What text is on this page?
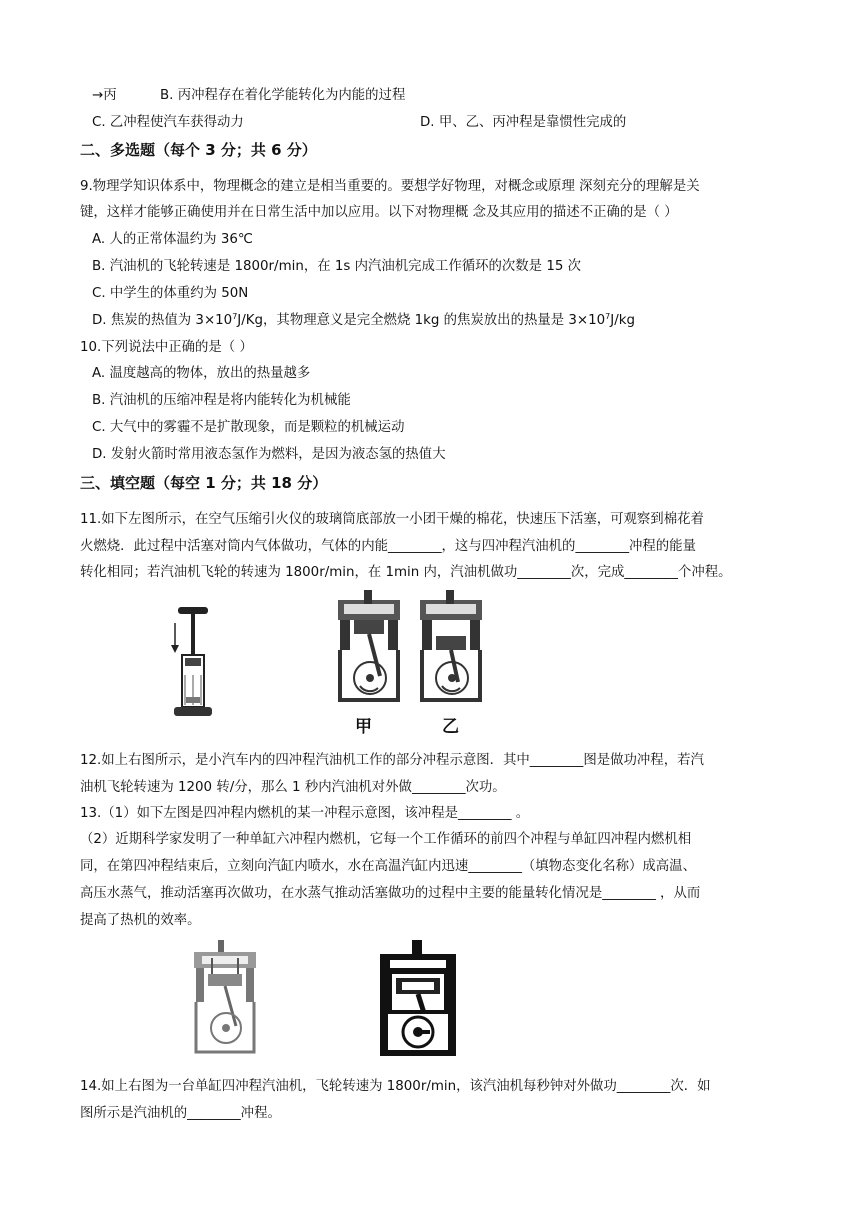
→丙	B. 丙冲程存在着化学能转化为内能的过程
C. 乙冲程使汽车获得动力	D. 甲、乙、丙冲程是靠惯性完成的
二、多选题（每个 3 分；共 6 分）
9.物理学知识体系中，物理概念的建立是相当重要的。要想学好物理，对概念或原理 深刻充分的理解是关
键，这样才能够正确使用并在日常生活中加以应用。以下对物理概 念及其应用的描述不正确的是（ ）
A. 人的正常体温约为 36℃
B. 汽油机的飞轮转速是 1800r/min，在 1s 内汽油机完成工作循环的次数是 15 次
C. 中学生的体重约为 50N
D. 焦炭的热值为 $3\times 10^7J/Kg$，其物理意义是完全燃烧 1kg 的焦炭放出的热量是 $3\times 10^7J/kg$
10.下列说法中正确的是（ ）
A. 温度越高的物体，放出的热量越多
B. 汽油机的压缩冲程是将内能转化为机械能
C. 大气中的雾霾不是扩散现象，而是颗粒的机械运动
D. 发射火箭时常用液态氢作为燃料，是因为液态氢的热值大
三、填空题（每空 1 分；共 18 分）
11.如下左图所示，在空气压缩引火仪的玻璃筒底部放一小团干燥的棉花，快速压下活塞，可观察到棉花着
火燃烧．此过程中活塞对筒内气体做功，气体的内能________，这与四冲程汽油机的________冲程的能量
转化相同；若汽油机飞轮的转速为 1800r/min，在 1min 内，汽油机做功________次，完成________个冲程。
甲	乙
12.如上右图所示，是小汽车内的四冲程汽油机工作的部分冲程示意图．其中________图是做功冲程，若汽
油机飞轮转速为 1200 转/分，那么 1 秒内汽油机对外做________次功。
13.（1）如下左图是四冲程内燃机的某一冲程示意图，该冲程是________ 。
（2）近期科学家发明了一种单缸六冲程内燃机，它每一个工作循环的前四个冲程与单缸四冲程内燃机相
同，在第四冲程结束后，立刻向汽缸内喷水，水在高温汽缸内迅速________（填物态变化名称）成高温、
高压水蒸气，推动活塞再次做功，在水蒸气推动活塞做功的过程中主要的能量转化情况是________ ，从而
提高了热机的效率。
14.如上右图为一台单缸四冲程汽油机，飞轮转速为 1800r/min，该汽油机每秒钟对外做功________次．如
图所示是汽油机的________冲程。
